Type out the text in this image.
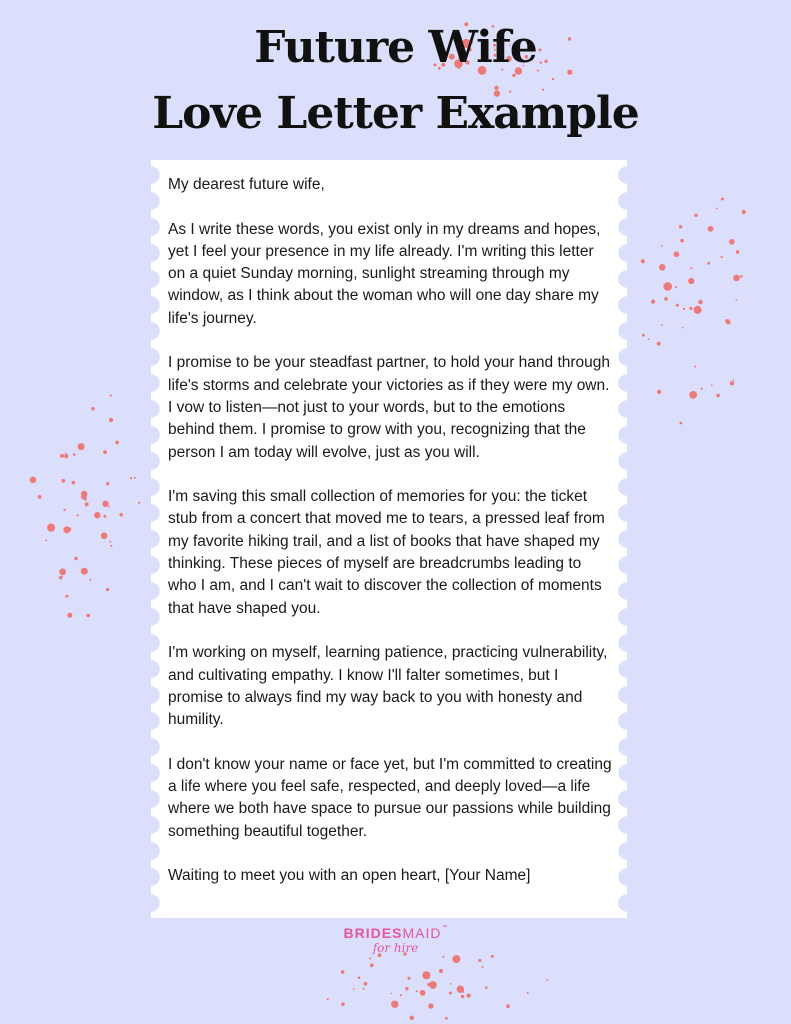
Future Wife
Love Letter Example

My dearest future wife,

As I write these words, you exist only in my dreams and hopes, yet I feel your presence in my life already. I'm writing this letter on a quiet Sunday morning, sunlight streaming through my window, as I think about the woman who will one day share my life's journey.

I promise to be your steadfast partner, to hold your hand through life's storms and celebrate your victories as if they were my own. I vow to listen—not just to your words, but to the emotions behind them. I promise to grow with you, recognizing that the person I am today will evolve, just as you will.

I'm saving this small collection of memories for you: the ticket stub from a concert that moved me to tears, a pressed leaf from my favorite hiking trail, and a list of books that have shaped my thinking. These pieces of myself are breadcrumbs leading to who I am, and I can't wait to discover the collection of moments that have shaped you.

I'm working on myself, learning patience, practicing vulnerability, and cultivating empathy. I know I'll falter sometimes, but I promise to always find my way back to you with honesty and humility.

I don't know your name or face yet, but I'm committed to creating a life where you feel safe, respected, and deeply loved—a life where we both have space to pursue our passions while building something beautiful together.

Waiting to meet you with an open heart, [Your Name]

BRIDESMAID™
for hire
